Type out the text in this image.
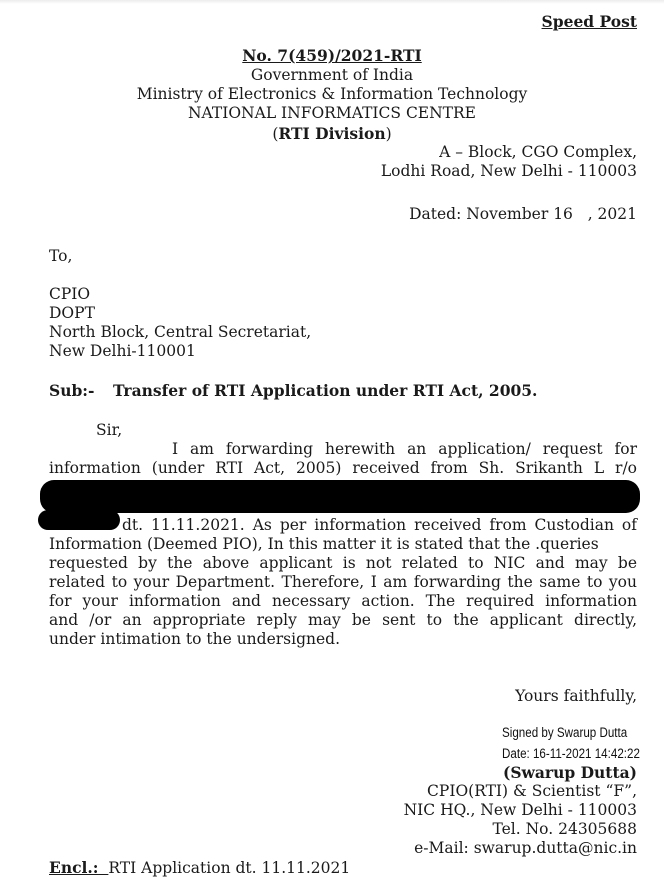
Speed Post
No. 7(459)/2021-RTI
Government of India
Ministry of Electronics & Information Technology
NATIONAL INFORMATICS CENTRE
(RTI Division)
A – Block, CGO Complex,
Lodhi Road, New Delhi - 110003
Dated: November 16   , 2021
To,
CPIO
DOPT
North Block, Central Secretariat,
New Delhi-110001
Sub:- Transfer of RTI Application under RTI Act, 2005.
Sir,
I am forwarding herewith an application/ request for
information (under RTI Act, 2005) received from Sh. Srikanth L r/o
dt. 11.11.2021. As per information received from Custodian of
Information (Deemed PIO), In this matter it is stated that the .queries
requested by the above applicant is not related to NIC and may be
related to your Department. Therefore, I am forwarding the same to you
for your information and necessary action. The required information
and /or an appropriate reply may be sent to the applicant directly,
under intimation to the undersigned.
Yours faithfully,
Signed by Swarup Dutta
Date: 16-11-2021 14:42:22
(Swarup Dutta)
CPIO(RTI) & Scientist “F”,
NIC HQ., New Delhi - 110003
Tel. No. 24305688
e-Mail: swarup.dutta@nic.in
Encl.: RTI Application dt. 11.11.2021
